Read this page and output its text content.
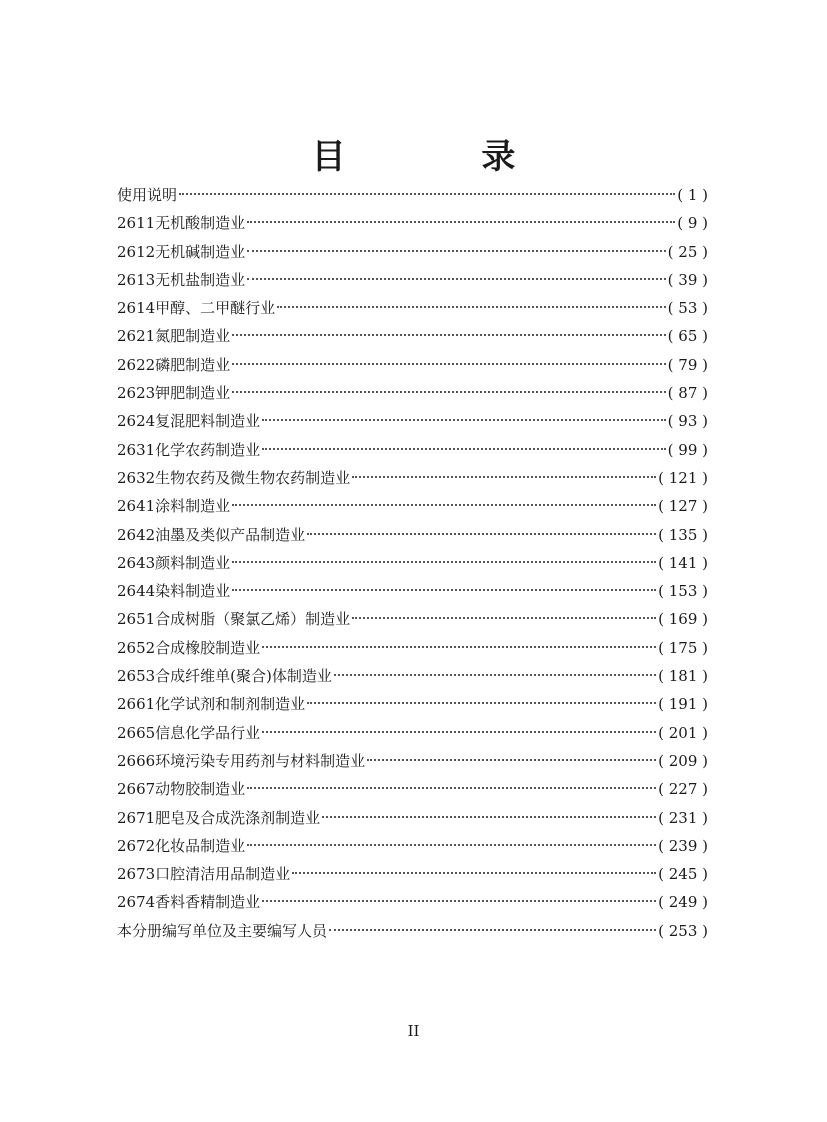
目 录
使用说明	( 1 )
2611无机酸制造业	( 9 )
2612无机碱制造业	( 25 )
2613无机盐制造业	( 39 )
2614甲醇、二甲醚行业	( 53 )
2621氮肥制造业	( 65 )
2622磷肥制造业	( 79 )
2623钾肥制造业	( 87 )
2624复混肥料制造业	( 93 )
2631化学农药制造业	( 99 )
2632生物农药及微生物农药制造业	( 121 )
2641涂料制造业	( 127 )
2642油墨及类似产品制造业	( 135 )
2643颜料制造业	( 141 )
2644染料制造业	( 153 )
2651合成树脂（聚氯乙烯）制造业	( 169 )
2652合成橡胶制造业	( 175 )
2653合成纤维单(聚合)体制造业	( 181 )
2661化学试剂和制剂制造业	( 191 )
2665信息化学品行业	( 201 )
2666环境污染专用药剂与材料制造业	( 209 )
2667动物胶制造业	( 227 )
2671肥皂及合成洗涤剂制造业	( 231 )
2672化妆品制造业	( 239 )
2673口腔清洁用品制造业	( 245 )
2674香料香精制造业	( 249 )
本分册编写单位及主要编写人员	( 253 )
II
